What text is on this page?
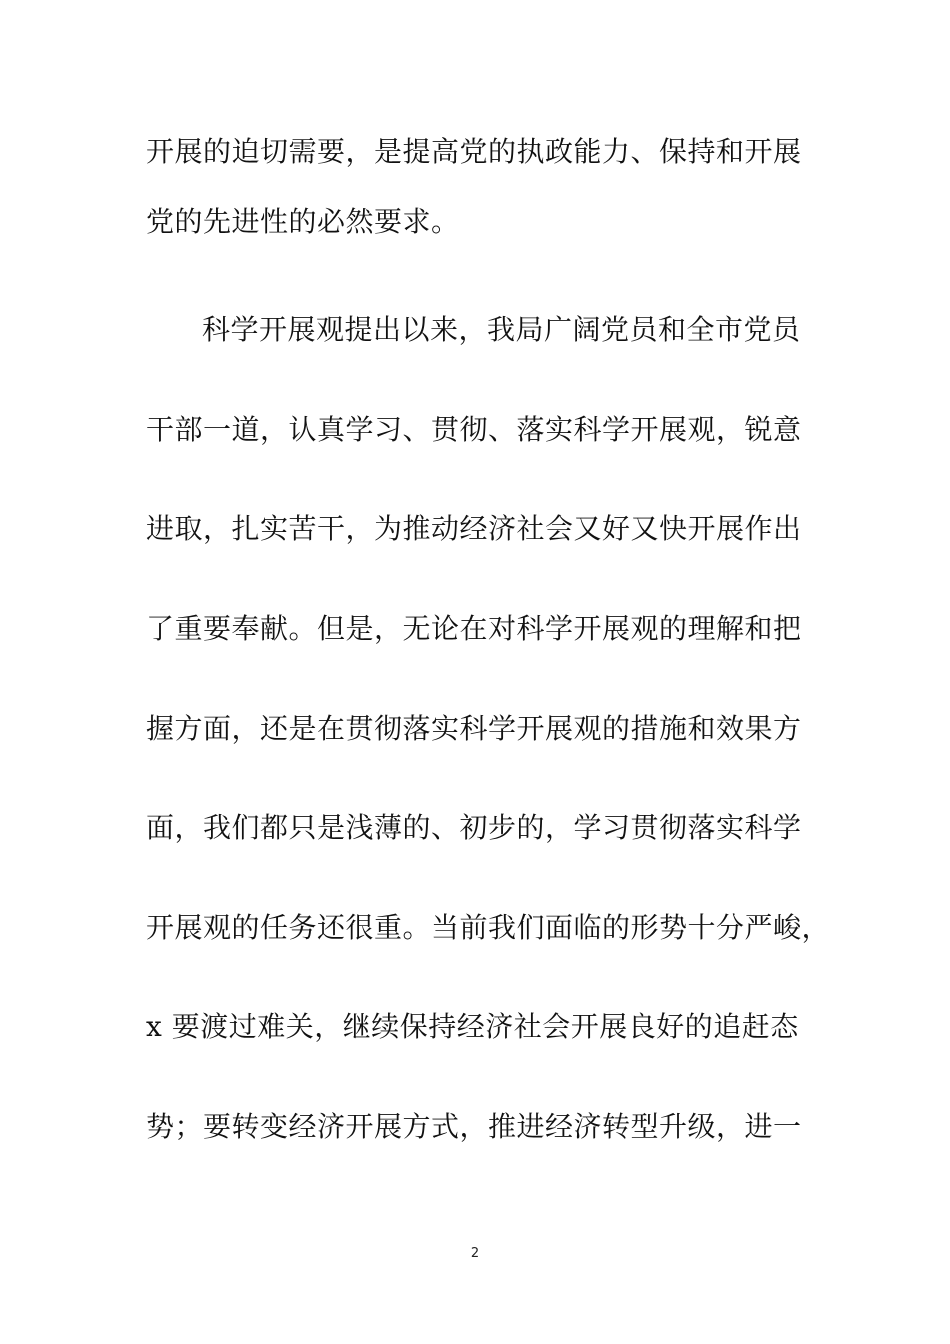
开展的迫切需要，是提高党的执政能力、保持和开展
党的先进性的必然要求。
科学开展观提出以来，我局广阔党员和全市党员
干部一道，认真学习、贯彻、落实科学开展观，锐意
进取，扎实苦干，为推动经济社会又好又快开展作出
了重要奉献。但是，无论在对科学开展观的理解和把
握方面，还是在贯彻落实科学开展观的措施和效果方
面，我们都只是浅薄的、初步的，学习贯彻落实科学
开展观的任务还很重。当前我们面临的形势十分严峻，
x 要渡过难关，继续保持经济社会开展良好的追赶态
势；要转变经济开展方式，推进经济转型升级，进一
2
